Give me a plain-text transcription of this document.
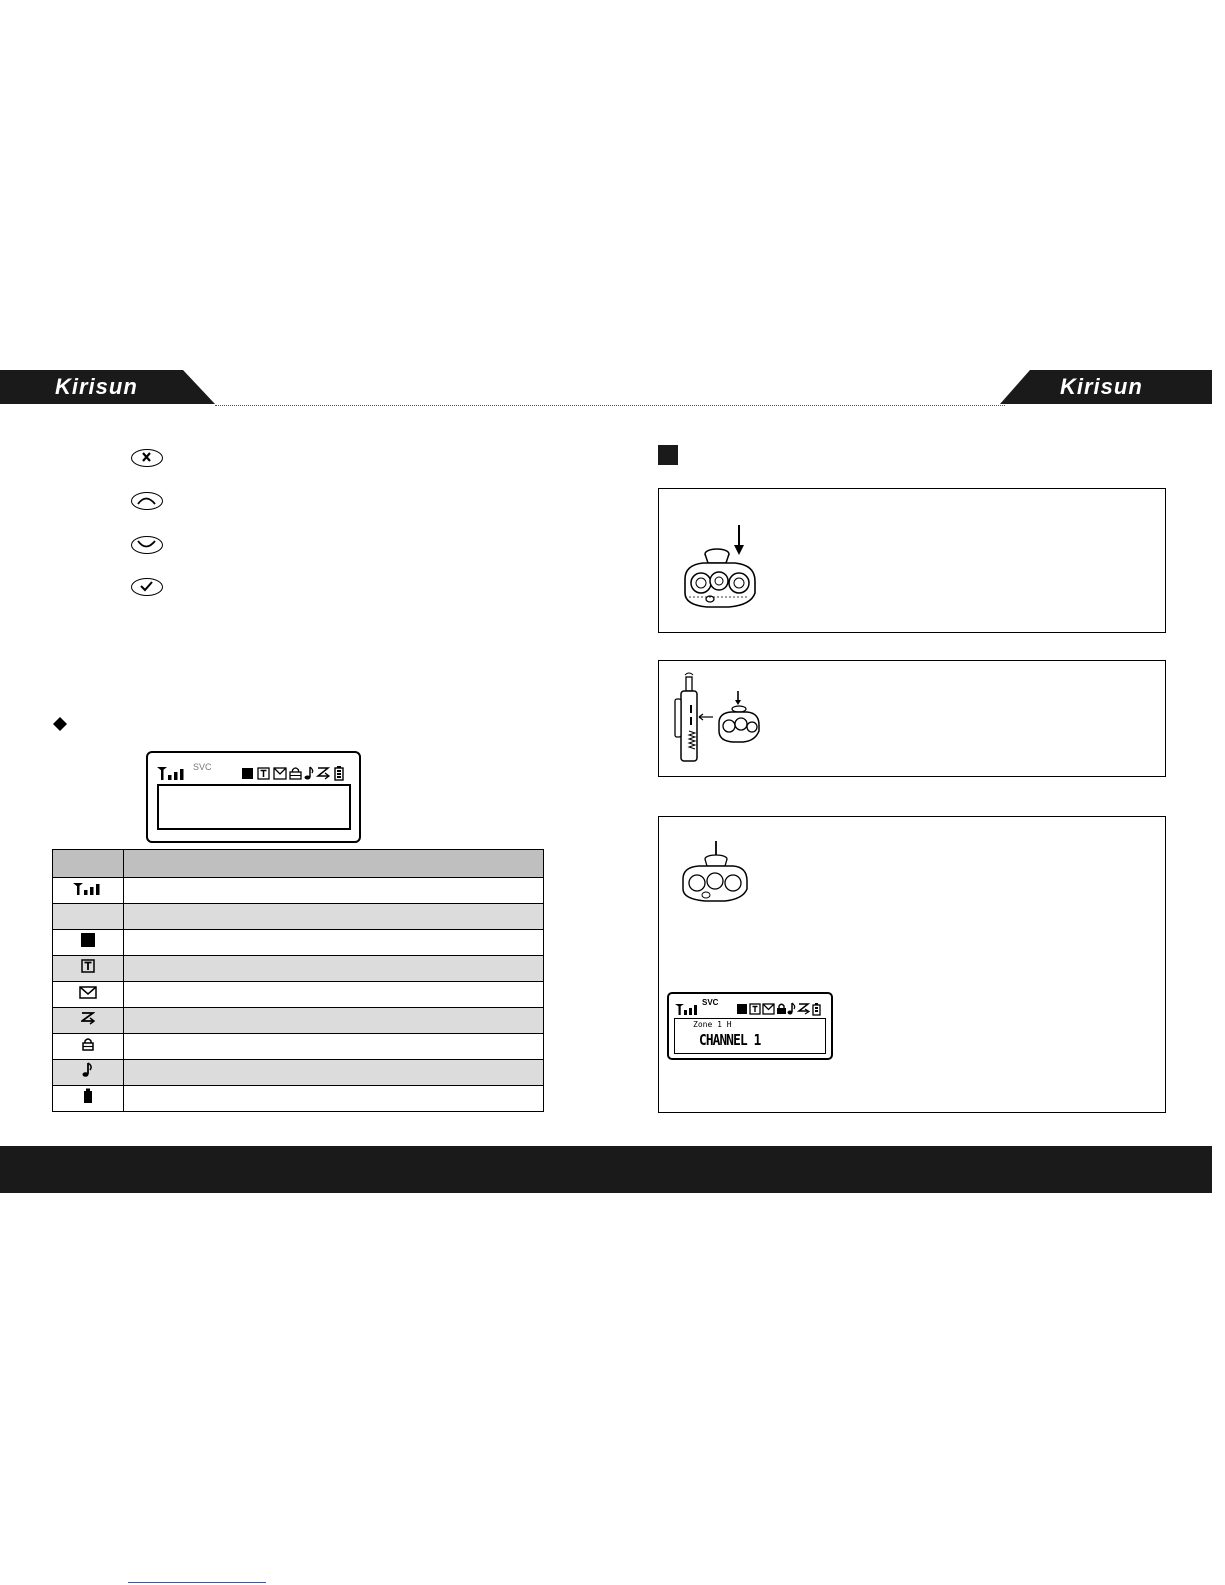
Kirisun	Kirisun
SVC

SVC
Zone 1 H
CHANNEL 1
